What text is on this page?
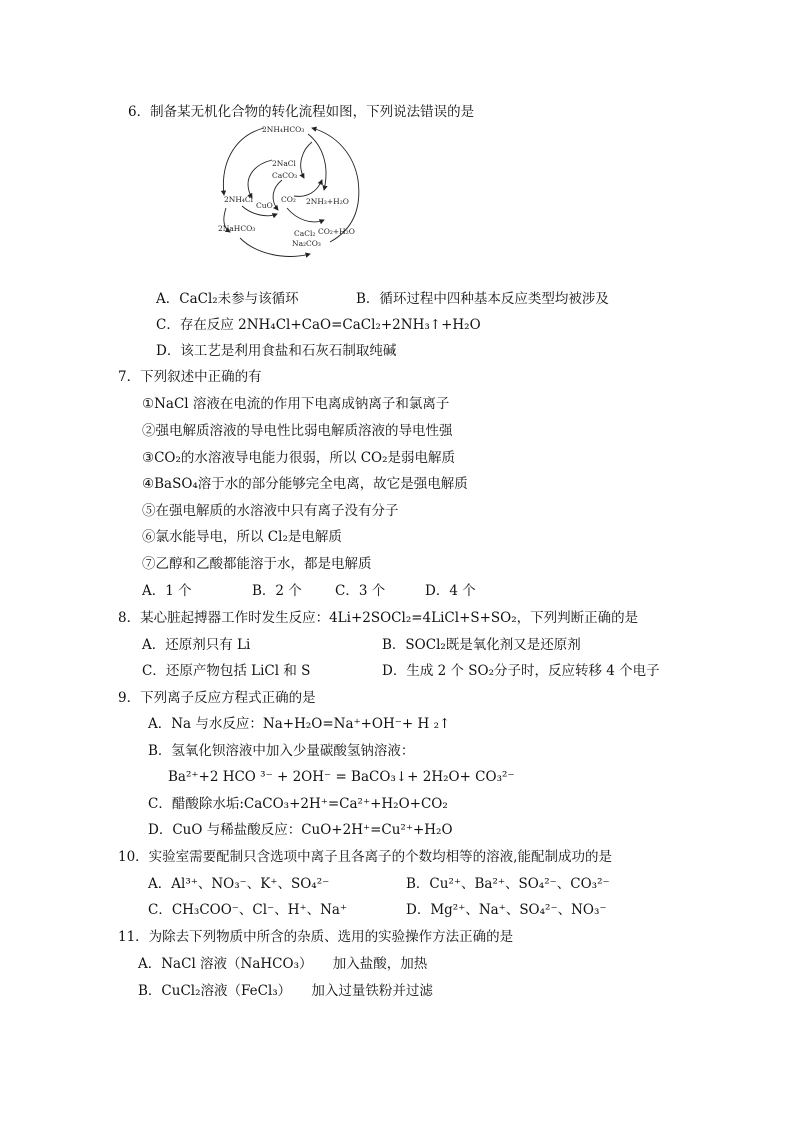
6．制备某无机化合物的转化流程如图，下列说法错误的是
2NH₄HCO₃
2NaCl
CaCO₃
2NH₄Cl
CuO
CO₂ 2NH₃+H₂O
2NaHCO₃
CaCl₂ CO₂+H₂O
Na₂CO₃
A．CaCl₂未参与该循环	B．循环过程中四种基本反应类型均被涉及
C．存在反应 2NH₄Cl+CaO=CaCl₂+2NH₃↑+H₂O
D．该工艺是利用食盐和石灰石制取纯碱
7．下列叙述中正确的有
①NaCl 溶液在电流的作用下电离成钠离子和氯离子
②强电解质溶液的导电性比弱电解质溶液的导电性强
③CO₂的水溶液导电能力很弱，所以 CO₂是弱电解质
④BaSO₄溶于水的部分能够完全电离，故它是强电解质
⑤在强电解质的水溶液中只有离子没有分子
⑥氯水能导电，所以 Cl₂是电解质
⑦乙醇和乙酸都能溶于水，都是电解质
A．1 个	B．2 个 C．3 个	D．4 个
8．某心脏起搏器工作时发生反应：4Li+2SOCl₂=4LiCl+S+SO₂，下列判断正确的是
A．还原剂只有 Li	B．SOCl₂既是氧化剂又是还原剂
C．还原产物包括 LiCl 和 S	D．生成 2 个 SO₂分子时，反应转移 4 个电子
9．下列离子反应方程式正确的是
A．Na 与水反应：Na+H₂O=Na⁺+OH⁻+ H ₂↑
B．氢氧化钡溶液中加入少量碳酸氢钠溶液：
Ba²⁺+2 HCO ³⁻ + 2OH⁻ = BaCO₃↓+ 2H₂O+ CO₃²⁻
C．醋酸除水垢:CaCO₃+2H⁺=Ca²⁺+H₂O+CO₂
D．CuO 与稀盐酸反应：CuO+2H⁺=Cu²⁺+H₂O
10．实验室需要配制只含选项中离子且各离子的个数均相等的溶液,能配制成功的是
A．Al³⁺、NO₃⁻、K⁺、SO₄²⁻	B．Cu²⁺、Ba²⁺、SO₄²⁻、CO₃²⁻
C．CH₃COO⁻、Cl⁻、H⁺、Na⁺	D．Mg²⁺、Na⁺、SO₄²⁻、NO₃⁻
11．为除去下列物质中所含的杂质、选用的实验操作方法正确的是
A．NaCl 溶液（NaHCO₃）　　加入盐酸，加热
B．CuCl₂溶液（FeCl₃）　　加入过量铁粉并过滤
